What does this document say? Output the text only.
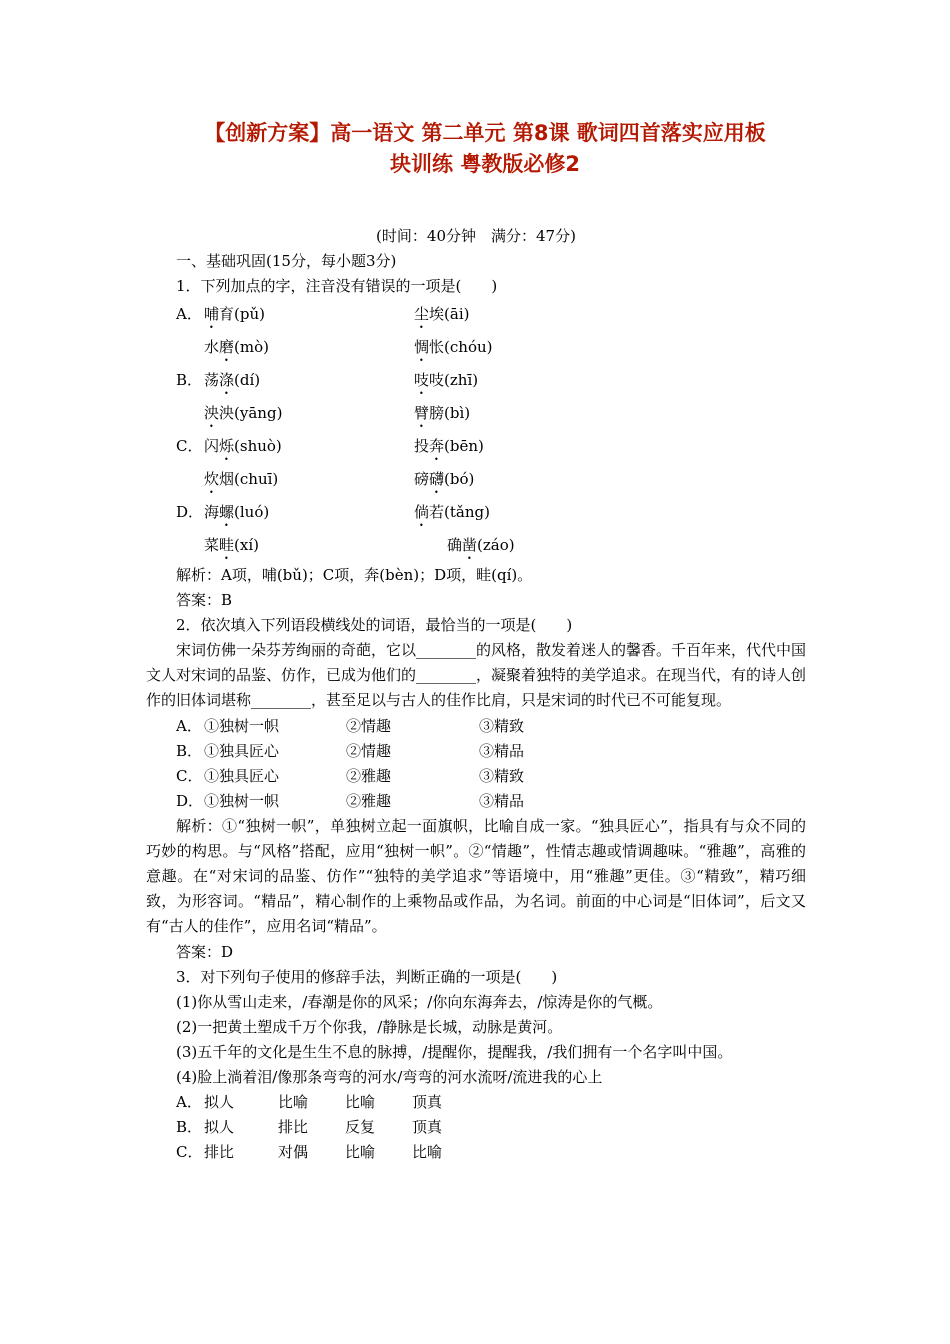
【创新方案】高一语文 第二单元 第8课 歌词四首落实应用板
块训练 粤教版必修2
(时间：40分钟　满分：47分)
一、基础巩固(15分，每小题3分)
1．下列加点的字，注音没有错误的一项是(　　)
A． 哺育(pǔ)	尘埃(āi)
水磨(mò)	惆怅(chóu)
B． 荡涤(dí)	吱吱(zhī)
泱泱(yāng)	臂膀(bì)
C． 闪烁(shuò)	投奔(bēn)
炊烟(chuī)	磅礴(bó)
D．海螺(luó)	倘若(tǎng)
菜畦(xí)	确凿(záo)
解析：A项，哺(bǔ)；C项，奔(bèn)；D项，畦(qí)。
答案：B
2．依次填入下列语段横线处的词语，最恰当的一项是(　　)
宋词仿佛一朵芬芳绚丽的奇葩，它以________的风格，散发着迷人的馨香。千百年来，代代中国文人对宋词的品鉴、仿作，已成为他们的________，凝聚着独特的美学追求。在现当代，有的诗人创作的旧体词堪称________，甚至足以与古人的佳作比肩，只是宋词的时代已不可能复现。
A． ①独树一帜	②情趣	③精致
B． ①独具匠心	②情趣	③精品
C． ①独具匠心	②雅趣	③精致
D．①独树一帜	②雅趣	③精品
解析：①“独树一帜”，单独树立起一面旗帜，比喻自成一家。“独具匠心”，指具有与众不同的巧妙的构思。与“风格”搭配，应用“独树一帜”。②“情趣”，性情志趣或情调趣味。“雅趣”，高雅的意趣。在“对宋词的品鉴、仿作”“独特的美学追求”等语境中，用“雅趣”更佳。③“精致”，精巧细致，为形容词。“精品”，精心制作的上乘物品或作品，为名词。前面的中心词是“旧体词”，后文又有“古人的佳作”，应用名词“精品”。
答案：D
3．对下列句子使用的修辞手法，判断正确的一项是(　　)
(1)你从雪山走来，/春潮是你的风采；/你向东海奔去，/惊涛是你的气概。
(2)一把黄土塑成千万个你我，/静脉是长城，动脉是黄河。
(3)五千年的文化是生生不息的脉搏，/提醒你，提醒我，/我们拥有一个名字叫中国。
(4)脸上淌着泪/像那条弯弯的河水/弯弯的河水流呀/流进我的心上
A． 拟人	比喻 比喻 顶真
B． 拟人	排比 反复 顶真
C． 排比	对偶 比喻 比喻
